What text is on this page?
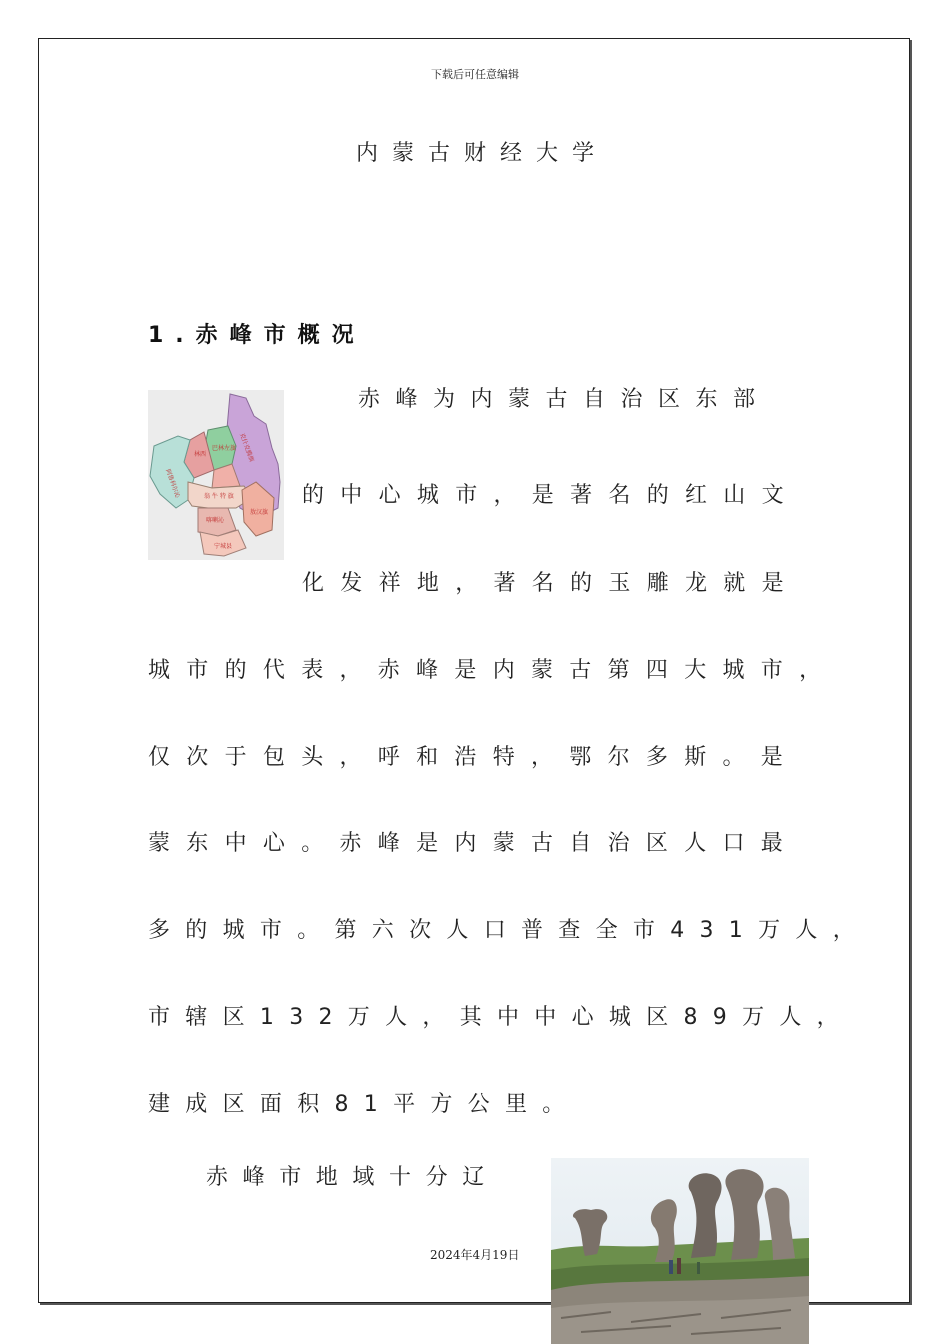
下载后可任意编辑
内蒙古财经大学
1.赤峰市概况
克什克腾旗
巴林左旗
林西
阿鲁科尔沁	翁 牛 特 旗
敖汉旗
喀喇沁
宁城县
赤峰为内蒙古自治区东部
的中心城市，是著名的红山文
化发祥地，著名的玉雕龙就是
城市的代表，赤峰是内蒙古第四大城市，
仅次于包头，呼和浩特，鄂尔多斯。是
蒙东中心。赤峰是内蒙古自治区人口最
多的城市。第六次人口普查全市431万人，
市辖区132万人，其中中心城区89万人，
建成区面积81平方公里。
赤峰市地域十分辽
2024年4月19日
